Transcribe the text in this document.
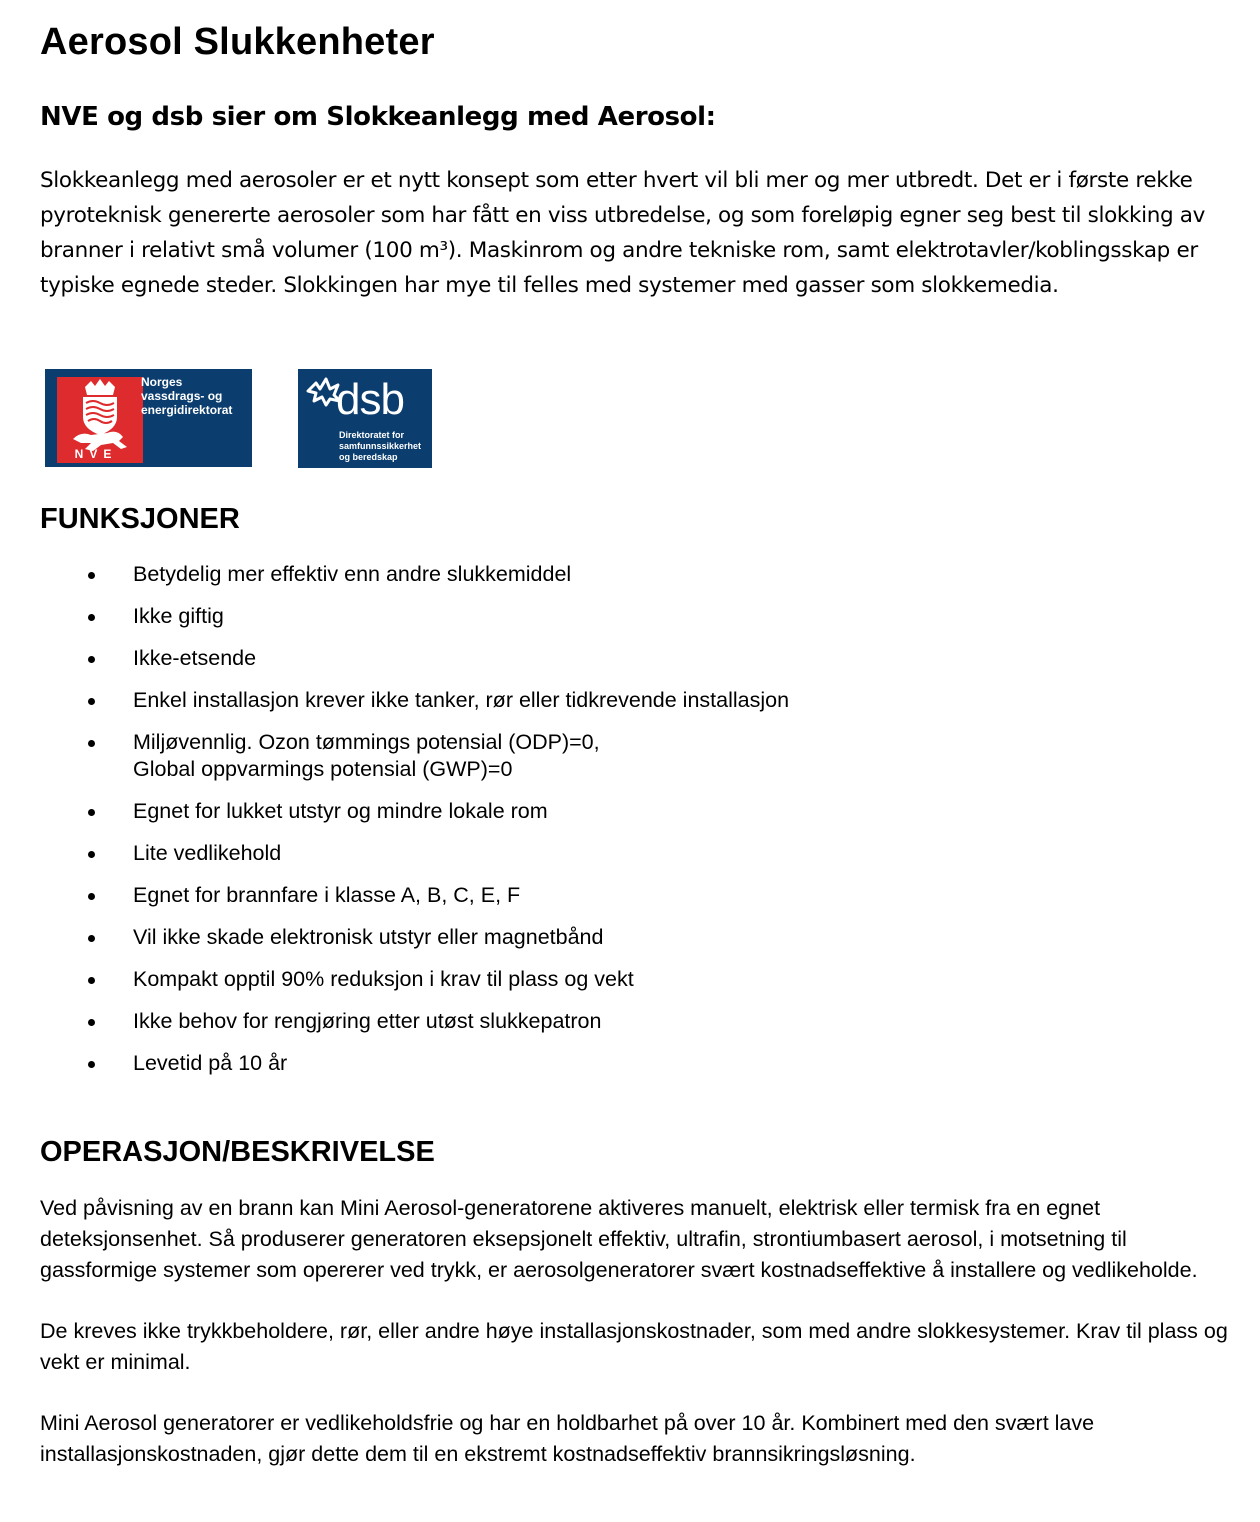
Aerosol Slukkenheter
NVE og dsb sier om Slokkeanlegg med Aerosol:

Slokkeanlegg med aerosoler er et nytt konsept som etter hvert vil bli mer og mer utbredt. Det er i første rekke pyroteknisk genererte aerosoler som har fått en viss utbredelse, og som foreløpig egner seg best til slokking av branner i relativt små volumer (100 m³). Maskinrom og andre tekniske rom, samt elektrotavler/koblingsskap er typiske egnede steder. Slokkingen har mye til felles med systemer med gasser som slokkemedia.

Norges
vassdrags- og
energidirektorat
NVE
dsb
Direktoratet for
samfunnssikkerhet
og beredskap
FUNKSJONER
Betydelig mer effektiv enn andre slukkemiddel
Ikke giftig
Ikke-etsende
Enkel installasjon krever ikke tanker, rør eller tidkrevende installasjon
Miljøvennlig. Ozon tømmings potensial (ODP)=0,
Global oppvarmings potensial (GWP)=0
Egnet for lukket utstyr og mindre lokale rom
Lite vedlikehold
Egnet for brannfare i klasse A, B, C, E, F
Vil ikke skade elektronisk utstyr eller magnetbånd
Kompakt opptil 90% reduksjon i krav til plass og vekt
Ikke behov for rengjøring etter utøst slukkepatron
Levetid på 10 år
OPERASJON/BESKRIVELSE

Ved påvisning av en brann kan Mini Aerosol-generatorene aktiveres manuelt, elektrisk eller termisk fra en egnet deteksjonsenhet. Så produserer generatoren eksepsjonelt effektiv, ultrafin, strontiumbasert aerosol, i motsetning til gassformige systemer som opererer ved trykk, er aerosolgeneratorer svært kostnadseffektive å installere og vedlikeholde.

De kreves ikke trykkbeholdere, rør, eller andre høye installasjonskostnader, som med andre slokkesystemer. Krav til plass og vekt er minimal.

Mini Aerosol generatorer er vedlikeholdsfrie og har en holdbarhet på over 10 år. Kombinert med den svært lave installasjonskostnaden, gjør dette dem til en ekstremt kostnadseffektiv brannsikringsløsning.
